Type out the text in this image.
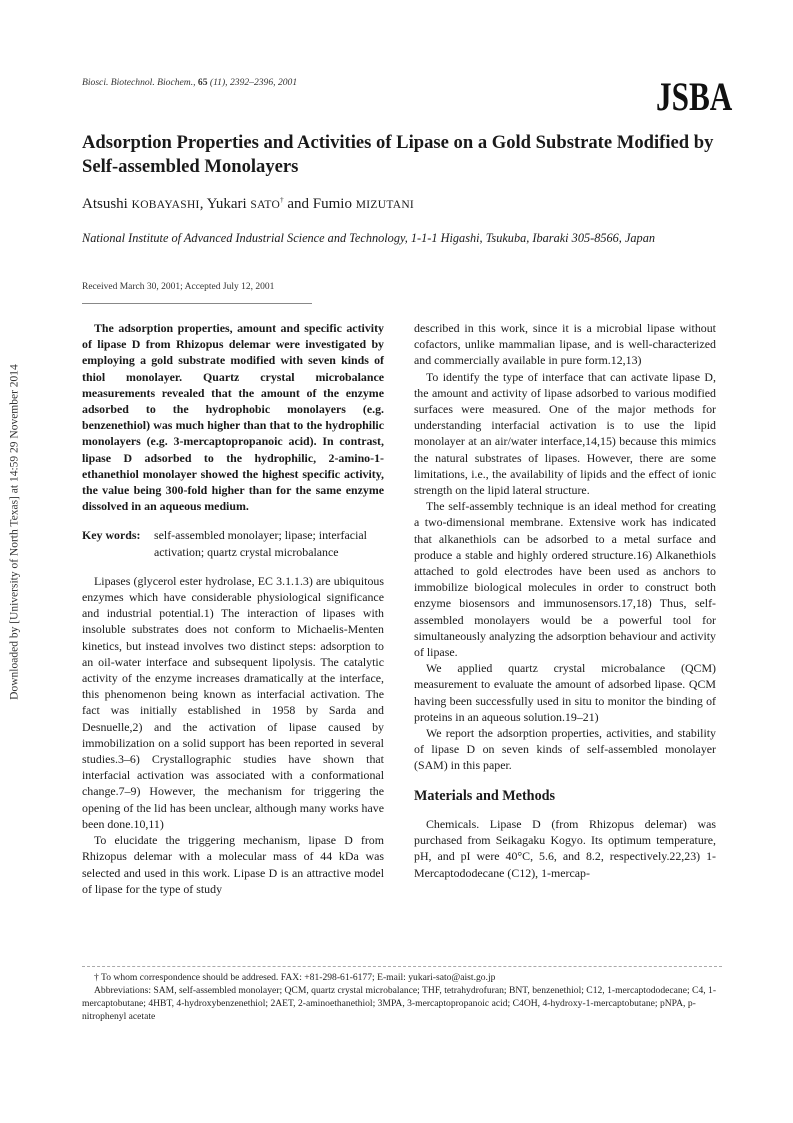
Biosci. Biotechnol. Biochem., 65 (11), 2392–2396, 2001	JSBA
Adsorption Properties and Activities of Lipase on a Gold Substrate Modified by Self-assembled Monolayers
Atsushi KOBAYASHI, Yukari SATO† and Fumio MIZUTANI
National Institute of Advanced Industrial Science and Technology, 1-1-1 Higashi, Tsukuba, Ibaraki 305-8566, Japan
Received March 30, 2001; Accepted July 12, 2001
Downloaded by [University of North Texas] at 14:59 29 November 2014

The adsorption properties, amount and specific activity of lipase D from Rhizopus delemar were investigated by employing a gold substrate modified with seven kinds of thiol monolayer. Quartz crystal microbalance measurements revealed that the amount of the enzyme adsorbed to the hydrophobic monolayers (e.g. benzenethiol) was much higher than that to the hydrophilic monolayers (e.g. 3-mercaptopropanoic acid). In contrast, lipase D adsorbed to the hydrophilic, 2-amino-1-ethanethiol monolayer showed the highest specific activity, the value being 300-fold higher than for the same enzyme dissolved in an aqueous medium.

Key words:	self-assembled monolayer; lipase; interfacial activation; quartz crystal microbalance

Lipases (glycerol ester hydrolase, EC 3.1.1.3) are ubiquitous enzymes which have considerable physiological significance and industrial potential.1) The interaction of lipases with insoluble substrates does not conform to Michaelis-Menten kinetics, but instead involves two distinct steps: adsorption to an oil-water interface and subsequent lipolysis. The catalytic activity of the enzyme increases dramatically at the interface, this phenomenon being known as interfacial activation. The fact was initially established in 1958 by Sarda and Desnuelle,2) and the activation of lipase caused by immobilization on a solid support has been reported in several studies.3–6) Crystallographic studies have shown that interfacial activation was associated with a conformational change.7–9) However, the mechanism for triggering the opening of the lid has been unclear, although many works have been done.10,11)

To elucidate the triggering mechanism, lipase D from Rhizopus delemar with a molecular mass of 44 kDa was selected and used in this work. Lipase D is an attractive model of lipase for the type of study

described in this work, since it is a microbial lipase without cofactors, unlike mammalian lipase, and is well-characterized and commercially available in pure form.12,13)

To identify the type of interface that can activate lipase D, the amount and activity of lipase adsorbed to various modified surfaces were measured. One of the major methods for understanding interfacial activation is to use the lipid monolayer at an air/water interface,14,15) because this mimics the natural substrates of lipases. However, there are some limitations, i.e., the availability of lipids and the effect of ionic strength on the lipid lateral structure.

The self-assembly technique is an ideal method for creating a two-dimensional membrane. Extensive work has indicated that alkanethiols can be adsorbed to a metal surface and produce a stable and highly ordered structure.16) Alkanethiols attached to gold electrodes have been used as anchors to immobilize biological molecules in order to construct both enzyme biosensors and immunosensors.17,18) Thus, self-assembled monolayers would be a powerful tool for simultaneously analyzing the adsorption behaviour and activity of lipase.

We applied quartz crystal microbalance (QCM) measurement to evaluate the amount of adsorbed lipase. QCM having been successfully used in situ to monitor the binding of proteins in an aqueous solution.19–21)

We report the adsorption properties, activities, and stability of lipase D on seven kinds of self-assembled monolayer (SAM) in this paper.

Materials and Methods

Chemicals. Lipase D (from Rhizopus delemar) was purchased from Seikagaku Kogyo. Its optimum temperature, pH, and pI were 40°C, 5.6, and 8.2, respectively.22,23) 1-Mercaptododecane (C12), 1-mercap-

† To whom correspondence should be addresed. FAX: +81-298-61-6177; E-mail: yukari-sato@aist.go.jp
Abbreviations: SAM, self-assembled monolayer; QCM, quartz crystal microbalance; THF, tetrahydrofuran; BNT, benzenethiol; C12, 1-mercaptododecane; C4, 1-mercaptobutane; 4HBT, 4-hydroxybenzenethiol; 2AET, 2-aminoethanethiol; 3MPA, 3-mercaptopropanoic acid; C4OH, 4-hydroxy-1-mercaptobutane; pNPA, p-nitrophenyl acetate
